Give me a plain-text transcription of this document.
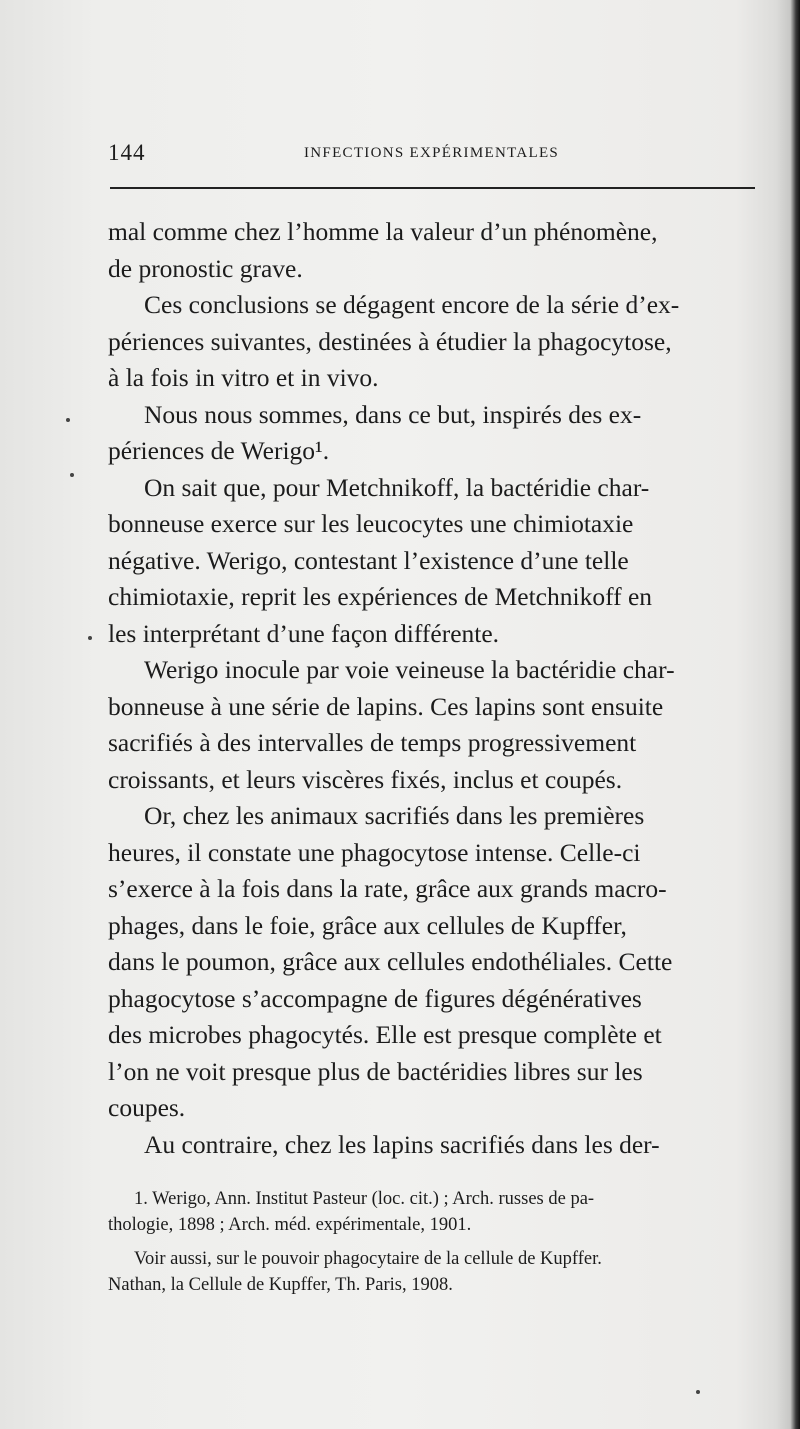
144	INFECTIONS EXPÉRIMENTALES
mal comme chez l’homme la valeur d’un phénomène,
de pronostic grave.
Ces conclusions se dégagent encore de la série d’ex-
périences suivantes, destinées à étudier la phagocytose,
à la fois in vitro et in vivo.
Nous nous sommes, dans ce but, inspirés des ex-
périences de Werigo¹.
On sait que, pour Metchnikoff, la bactéridie char-
bonneuse exerce sur les leucocytes une chimiotaxie
négative. Werigo, contestant l’existence d’une telle
chimiotaxie, reprit les expériences de Metchnikoff en
les interprétant d’une façon différente.
Werigo inocule par voie veineuse la bactéridie char-
bonneuse à une série de lapins. Ces lapins sont ensuite
sacrifiés à des intervalles de temps progressivement
croissants, et leurs viscères fixés, inclus et coupés.
Or, chez les animaux sacrifiés dans les premières
heures, il constate une phagocytose intense. Celle-ci
s’exerce à la fois dans la rate, grâce aux grands macro-
phages, dans le foie, grâce aux cellules de Kupffer,
dans le poumon, grâce aux cellules endothéliales. Cette
phagocytose s’accompagne de figures dégénératives
des microbes phagocytés. Elle est presque complète et
l’on ne voit presque plus de bactéridies libres sur les
coupes.
Au contraire, chez les lapins sacrifiés dans les der-
1. Werigo, Ann. Institut Pasteur (loc. cit.) ; Arch. russes de pa-
thologie, 1898 ; Arch. méd. expérimentale, 1901.
Voir aussi, sur le pouvoir phagocytaire de la cellule de Kupffer.
Nathan, la Cellule de Kupffer, Th. Paris, 1908.
